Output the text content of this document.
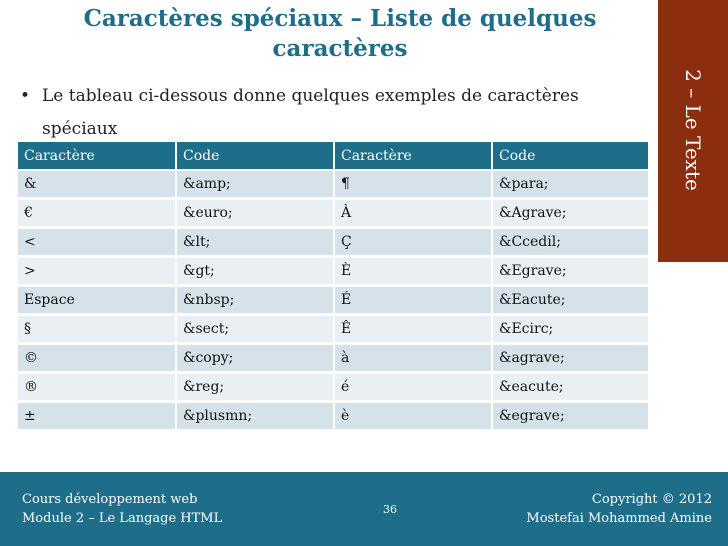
Caractères spéciaux – Liste de quelques
caractères
2 – Le Texte
• Le tableau ci-dessous donne quelques exemples de caractères spéciaux
Caractère	Code	Caractère	Code
&	&amp;	¶	&para;
€	&euro;	À	&Agrave;
<	&lt;	Ç	&Ccedil;
>	&gt;	È	&Egrave;
Espace	&nbsp;	É	&Eacute;
§	&sect;	Ê	&Ecirc;
©	&copy;	à	&agrave;
®	&reg;	é	&eacute;
±	&plusmn;	è	&egrave;
Cours développement web
Module 2 – Le Langage HTML
36
Copyright © 2012
Mostefai Mohammed Amine
